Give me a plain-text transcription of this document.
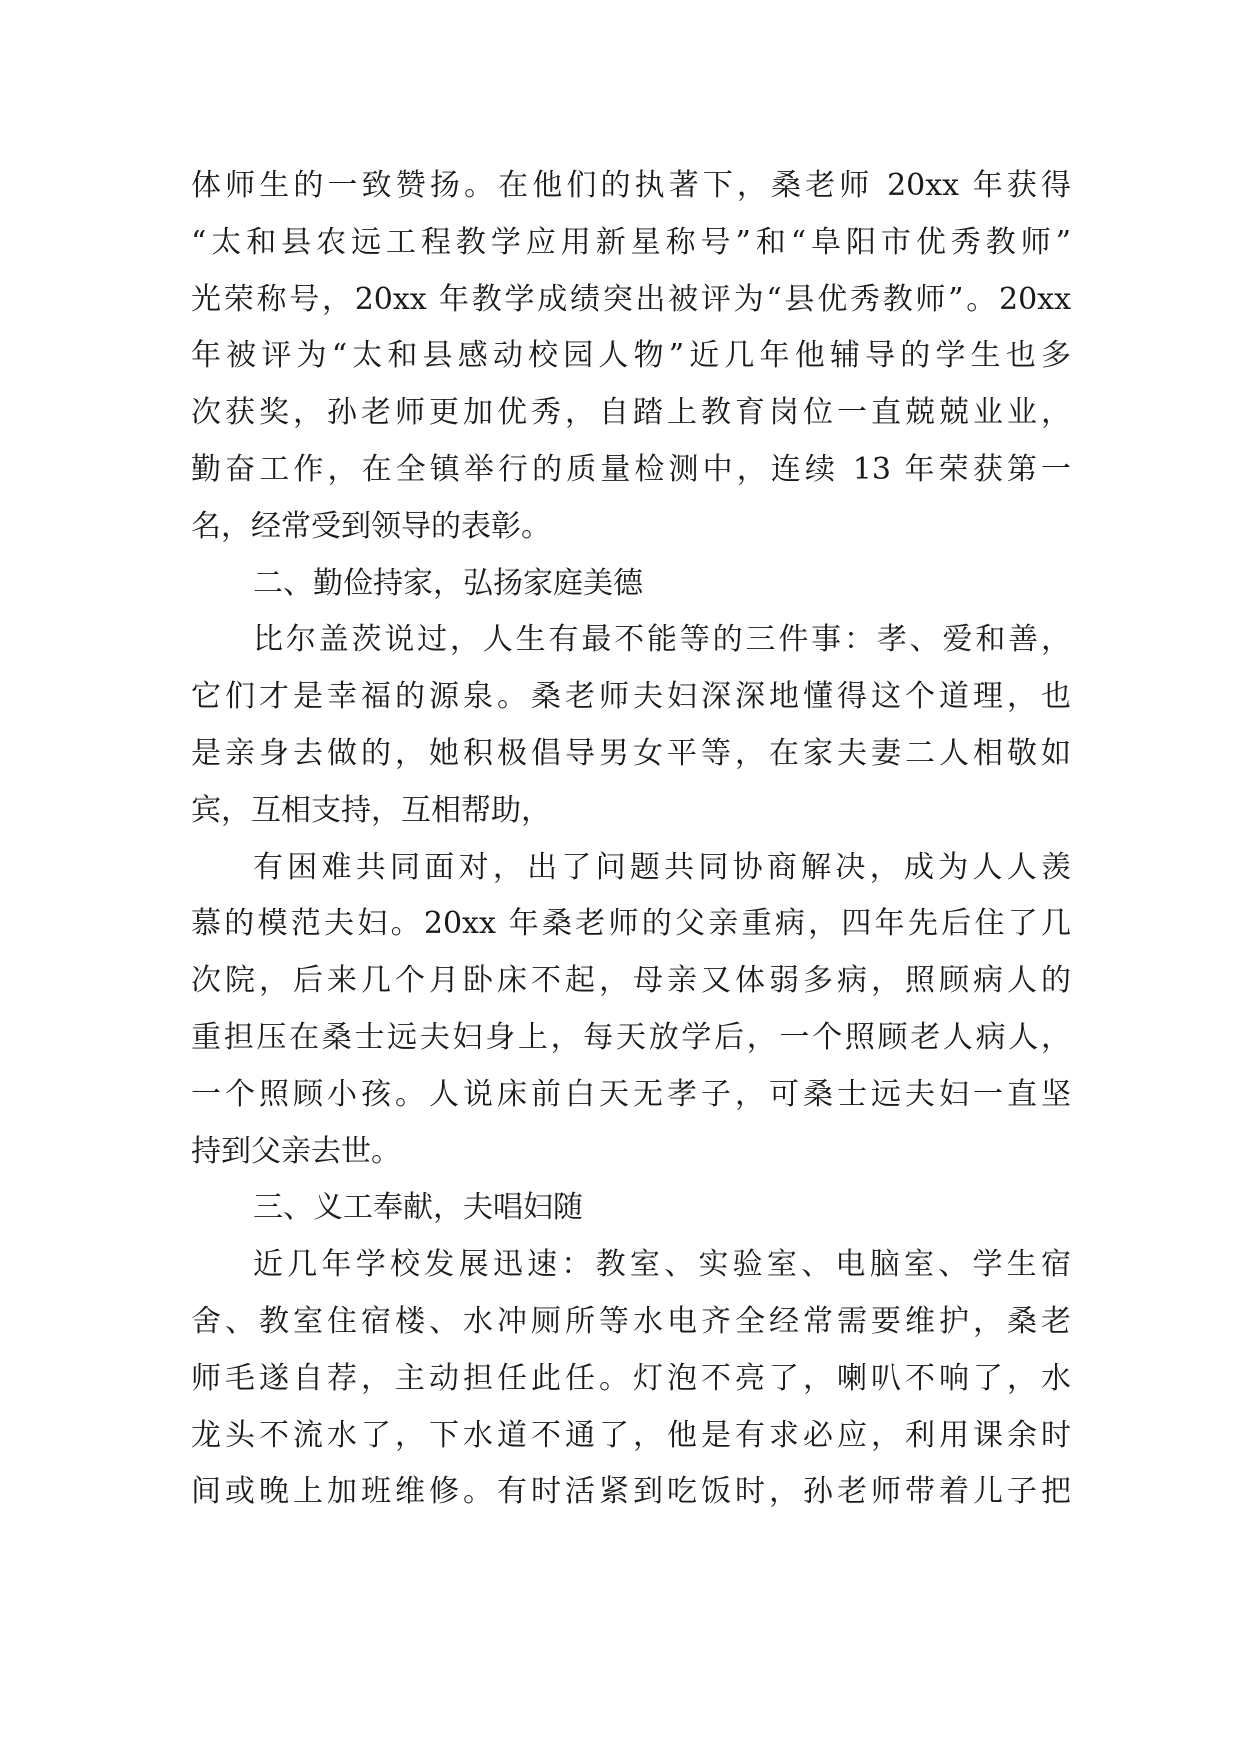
体师生的一致赞扬。在他们的执著下，桑老师 20xx 年获得
“太和县农远工程教学应用新星称号”和“阜阳市优秀教师”
光荣称号，20xx 年教学成绩突出被评为“县优秀教师”。20xx
年被评为“太和县感动校园人物”近几年他辅导的学生也多
次获奖，孙老师更加优秀，自踏上教育岗位一直兢兢业业，
勤奋工作，在全镇举行的质量检测中，连续 13 年荣获第一
名，经常受到领导的表彰。
二、勤俭持家，弘扬家庭美德
比尔盖茨说过，人生有最不能等的三件事：孝、爱和善，
它们才是幸福的源泉。桑老师夫妇深深地懂得这个道理，也
是亲身去做的，她积极倡导男女平等，在家夫妻二人相敬如
宾，互相支持，互相帮助，
有困难共同面对，出了问题共同协商解决，成为人人羡
慕的模范夫妇。20xx 年桑老师的父亲重病，四年先后住了几
次院，后来几个月卧床不起，母亲又体弱多病，照顾病人的
重担压在桑士远夫妇身上，每天放学后，一个照顾老人病人，
一个照顾小孩。人说床前白天无孝子，可桑士远夫妇一直坚
持到父亲去世。
三、义工奉献，夫唱妇随
近几年学校发展迅速：教室、实验室、电脑室、学生宿
舍、教室住宿楼、水冲厕所等水电齐全经常需要维护，桑老
师毛遂自荐，主动担任此任。灯泡不亮了，喇叭不响了，水
龙头不流水了，下水道不通了，他是有求必应，利用课余时
间或晚上加班维修。有时活紧到吃饭时，孙老师带着儿子把
